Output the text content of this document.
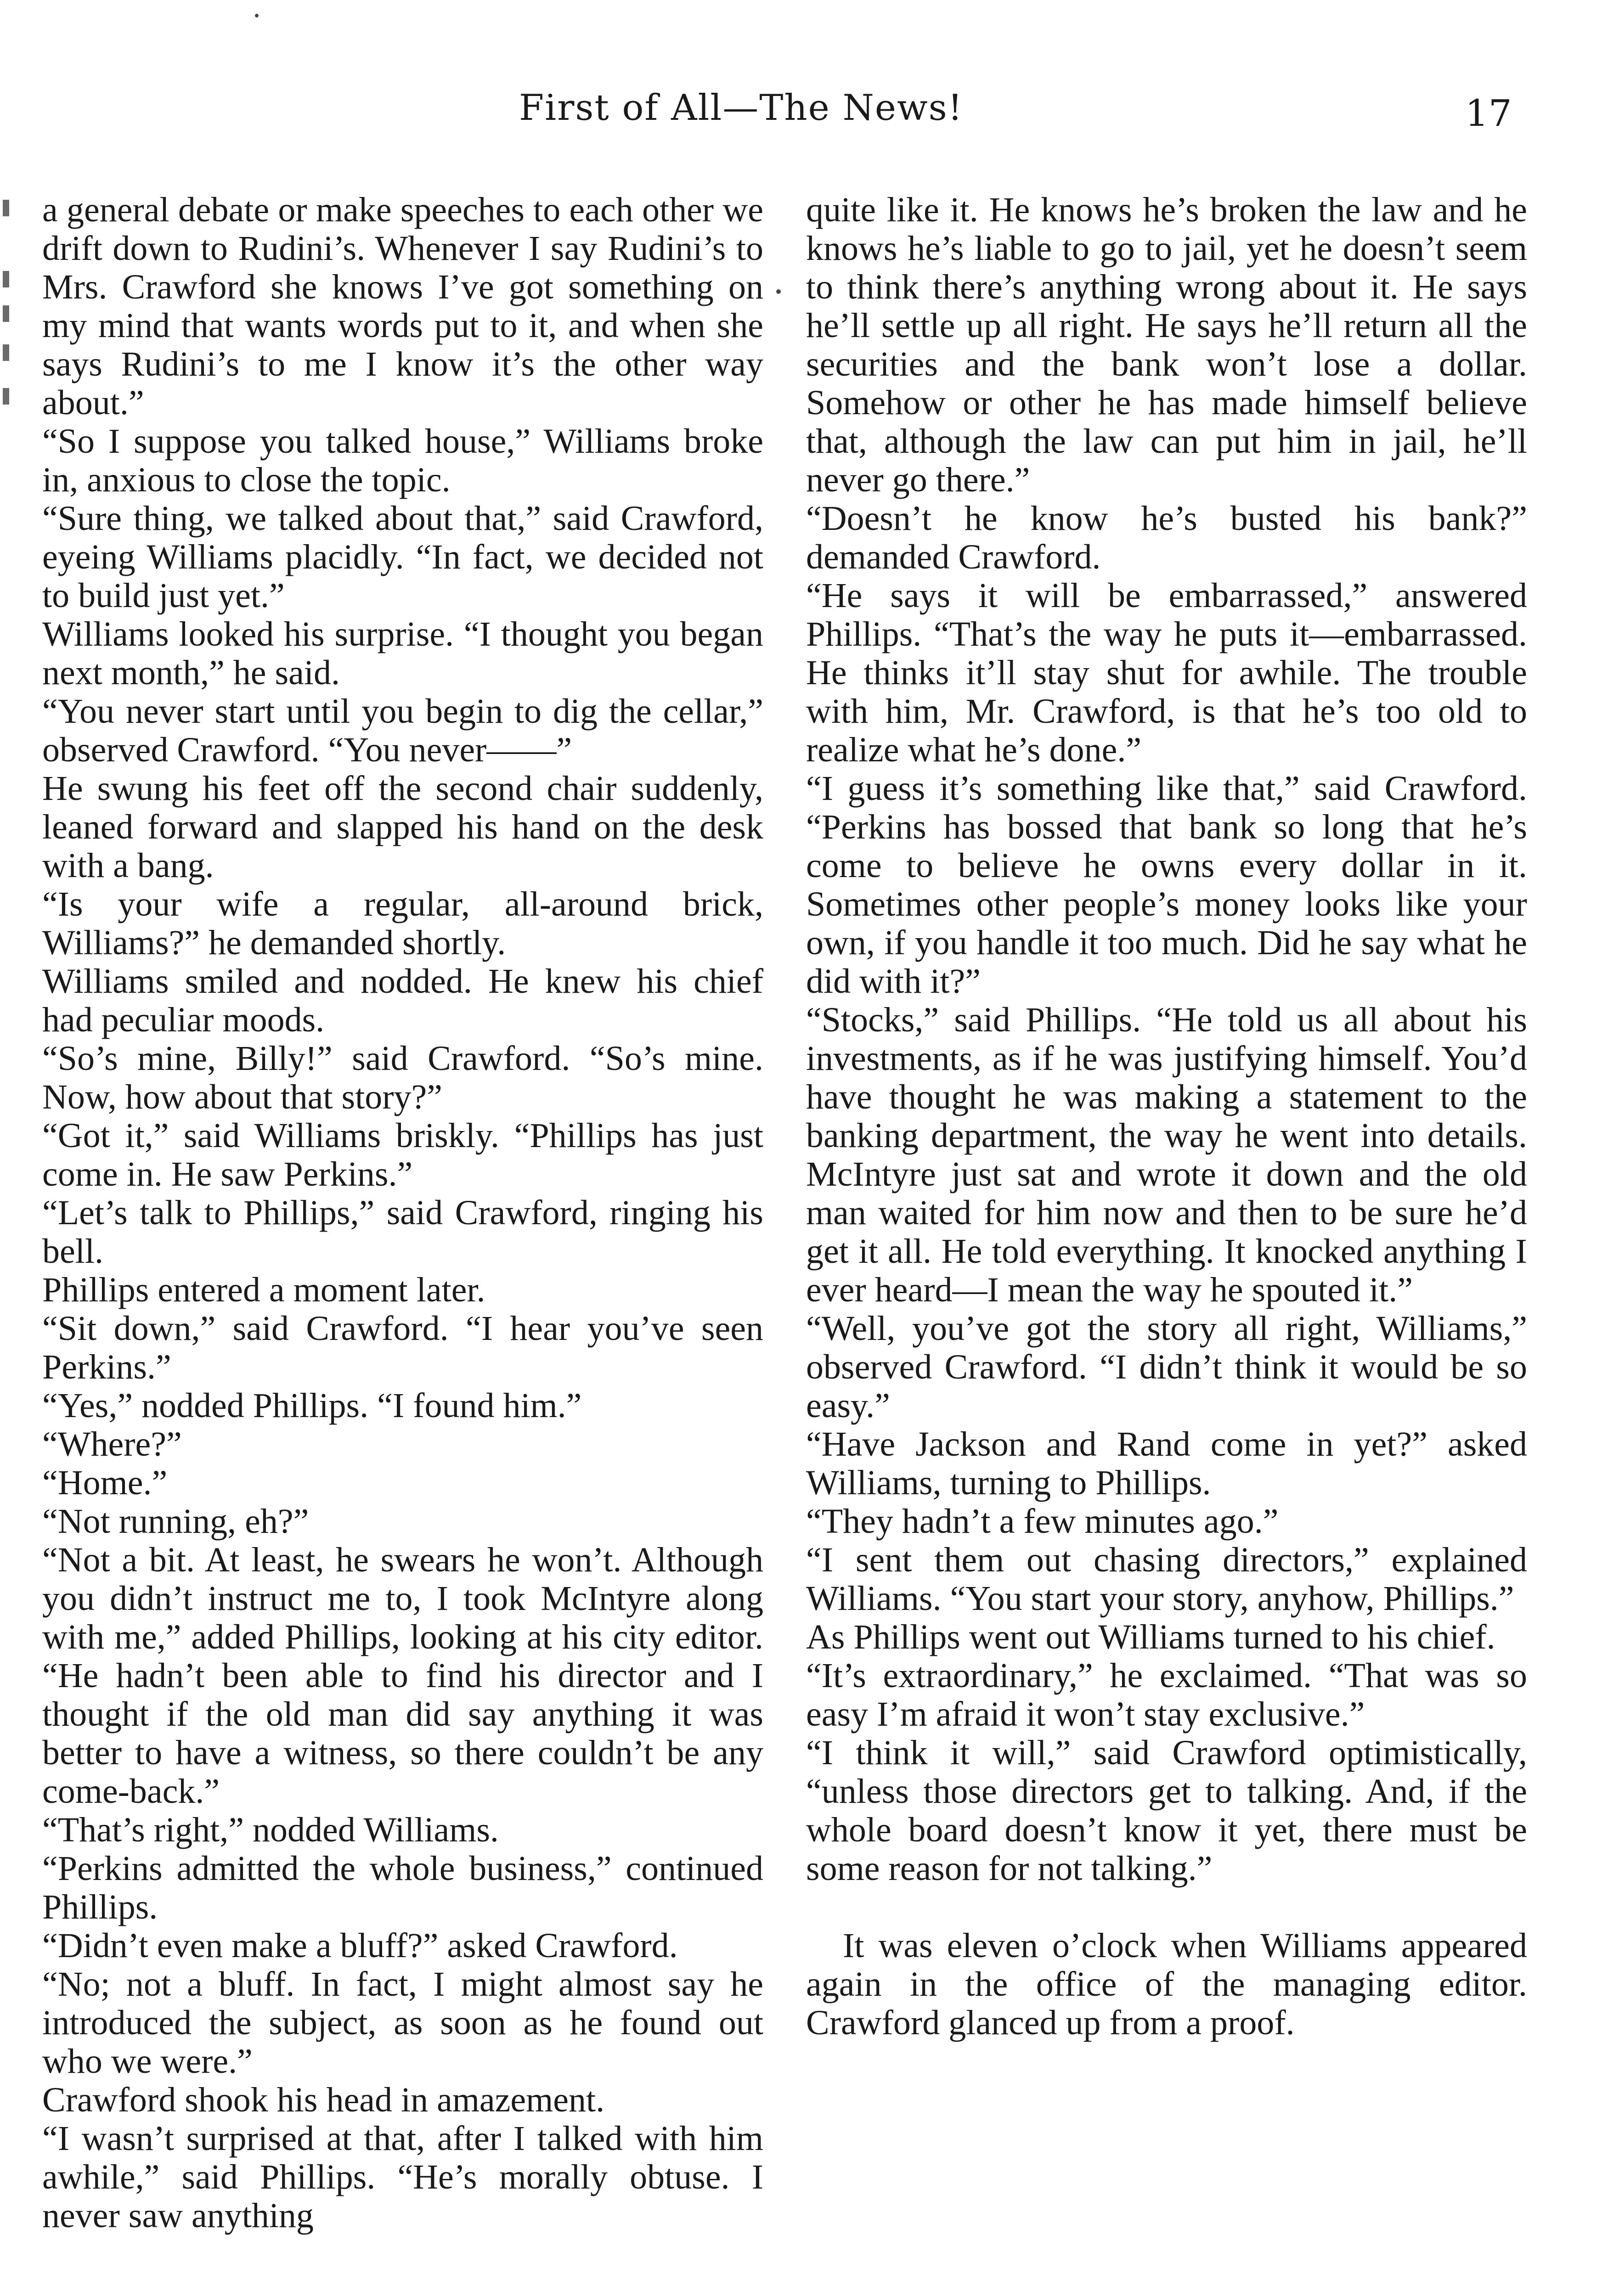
First of All—The News!	17

a general debate or make speeches to each other we drift down to Rudini’s. Whenever I say Rudini’s to Mrs. Crawford she knows I’ve got something on my mind that wants words put to it, and when she says Rudini’s to me I know it’s the other way about.”

“So I suppose you talked house,” Williams broke in, anxious to close the topic.

“Sure thing, we talked about that,” said Crawford, eyeing Williams placidly. “In fact, we decided not to build just yet.”

Williams looked his surprise. “I thought you began next month,” he said.

“You never start until you begin to dig the cellar,” observed Crawford. “You never——”

He swung his feet off the second chair suddenly, leaned forward and slapped his hand on the desk with a bang.

“Is your wife a regular, all-around brick, Williams?” he demanded shortly.

Williams smiled and nodded. He knew his chief had peculiar moods.

“So’s mine, Billy!” said Crawford. “So’s mine. Now, how about that story?”

“Got it,” said Williams briskly. “Phillips has just come in. He saw Perkins.”

“Let’s talk to Phillips,” said Crawford, ringing his bell.

Phillips entered a moment later.

“Sit down,” said Crawford. “I hear you’ve seen Perkins.”

“Yes,” nodded Phillips. “I found him.”

“Where?”

“Home.”

“Not running, eh?”

“Not a bit. At least, he swears he won’t. Although you didn’t instruct me to, I took McIntyre along with me,” added Phillips, looking at his city editor. “He hadn’t been able to find his director and I thought if the old man did say anything it was better to have a witness, so there couldn’t be any come-back.”

“That’s right,” nodded Williams.

“Perkins admitted the whole business,” continued Phillips.

“Didn’t even make a bluff?” asked Crawford.

“No; not a bluff. In fact, I might almost say he introduced the subject, as soon as he found out who we were.”

Crawford shook his head in amazement.

“I wasn’t surprised at that, after I talked with him awhile,” said Phillips. “He’s morally obtuse. I never saw anything

quite like it. He knows he’s broken the law and he knows he’s liable to go to jail, yet he doesn’t seem to think there’s anything wrong about it. He says he’ll settle up all right. He says he’ll return all the securities and the bank won’t lose a dollar. Somehow or other he has made himself believe that, although the law can put him in jail, he’ll never go there.”

“Doesn’t he know he’s busted his bank?” demanded Crawford.

“He says it will be embarrassed,” answered Phillips. “That’s the way he puts it—embarrassed. He thinks it’ll stay shut for awhile. The trouble with him, Mr. Crawford, is that he’s too old to realize what he’s done.”

“I guess it’s something like that,” said Crawford. “Perkins has bossed that bank so long that he’s come to believe he owns every dollar in it. Sometimes other people’s money looks like your own, if you handle it too much. Did he say what he did with it?”

“Stocks,” said Phillips. “He told us all about his investments, as if he was justifying himself. You’d have thought he was making a statement to the banking department, the way he went into details. McIntyre just sat and wrote it down and the old man waited for him now and then to be sure he’d get it all. He told everything. It knocked anything I ever heard—I mean the way he spouted it.”

“Well, you’ve got the story all right, Williams,” observed Crawford. “I didn’t think it would be so easy.”

“Have Jackson and Rand come in yet?” asked Williams, turning to Phillips.

“They hadn’t a few minutes ago.”

“I sent them out chasing directors,” explained Williams. “You start your story, anyhow, Phillips.”

As Phillips went out Williams turned to his chief.

“It’s extraordinary,” he exclaimed. “That was so easy I’m afraid it won’t stay exclusive.”

“I think it will,” said Crawford optimistically, “unless those directors get to talking. And, if the whole board doesn’t know it yet, there must be some reason for not talking.”

It was eleven o’clock when Williams appeared again in the office of the managing editor. Crawford glanced up from a proof.
